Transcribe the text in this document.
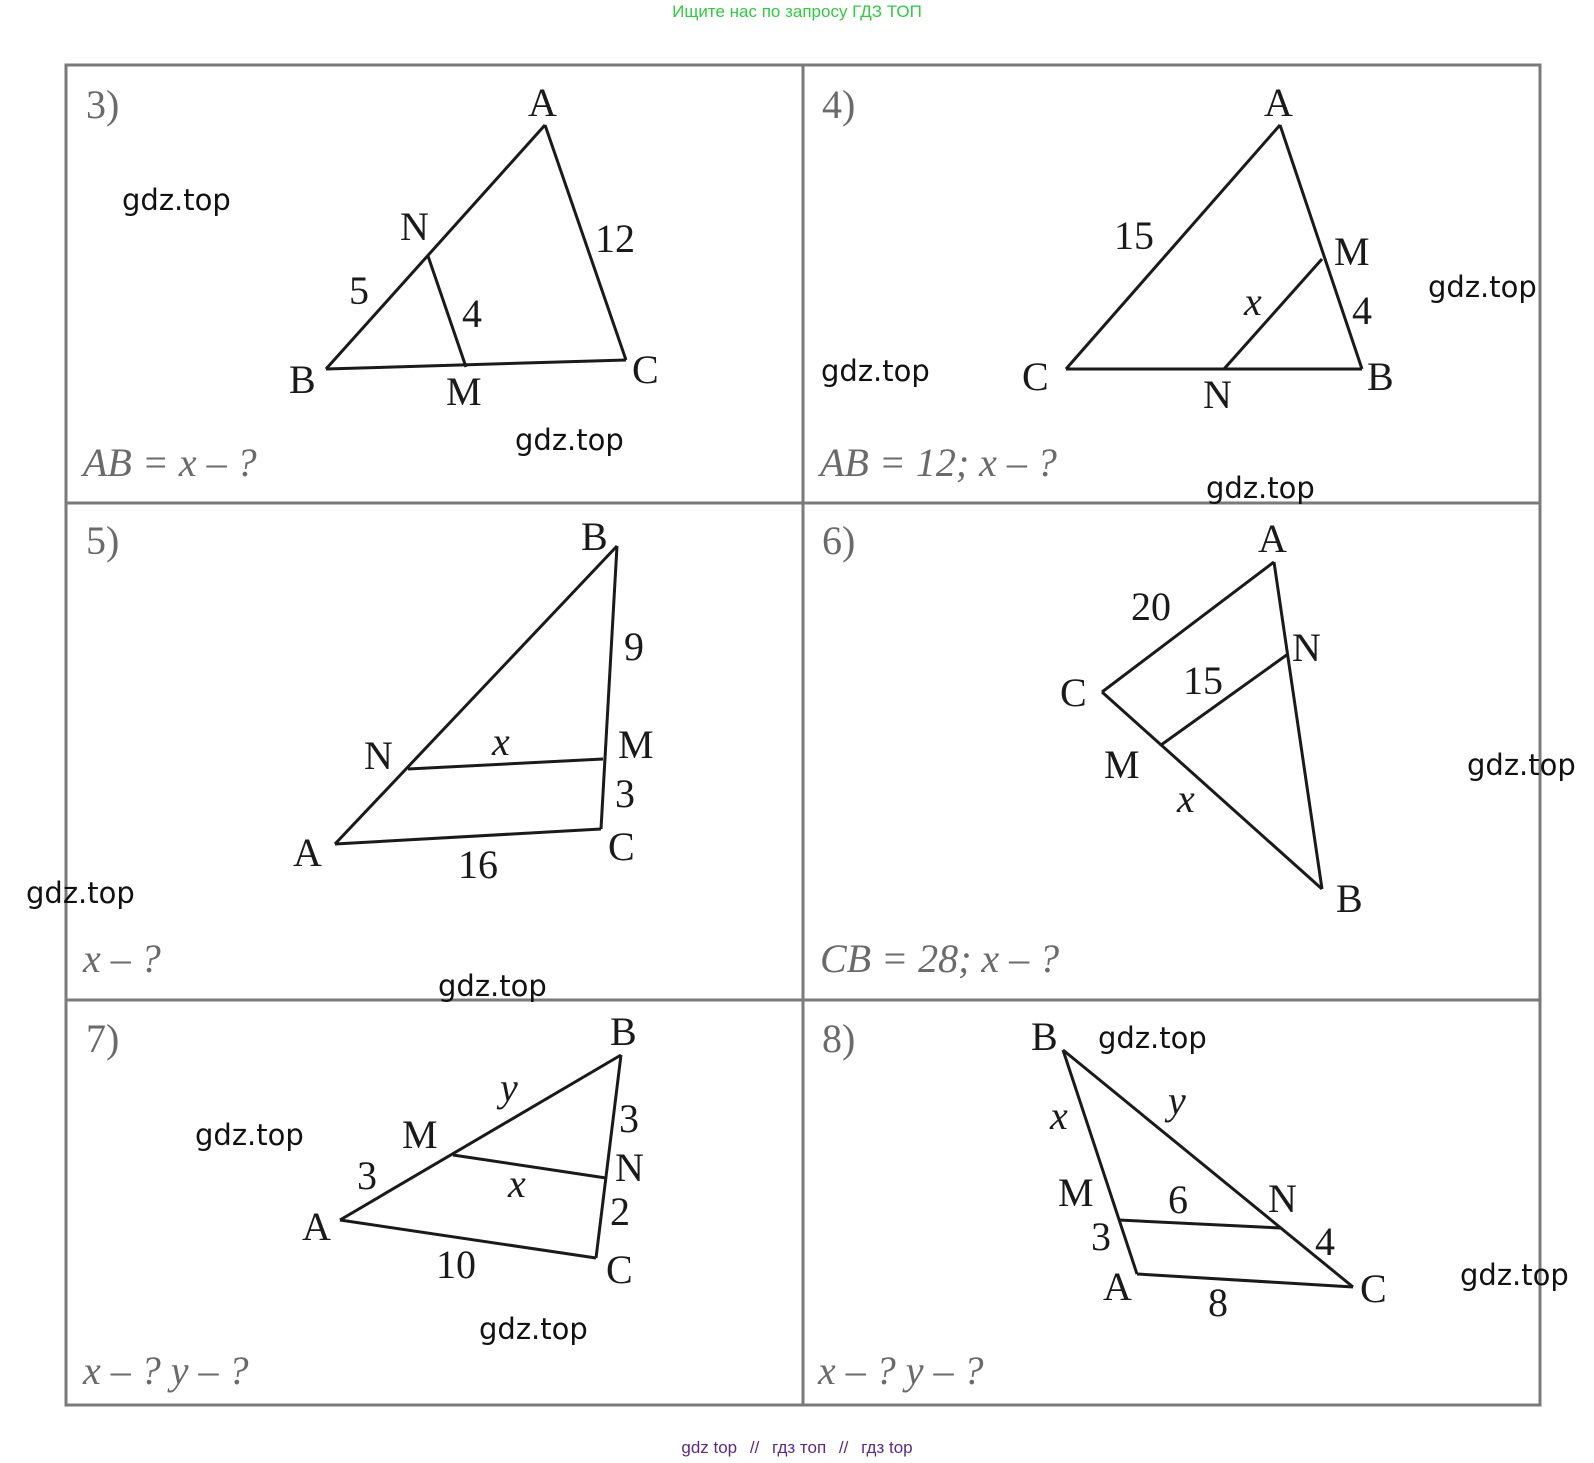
Ищите нас по запросу ГДЗ ТОП
3)	A
B	C
N
M
5
4
12
AB = x – ?
4)	A
B
C	N
M
15
4
x
AB = 12; x – ?
5)	B
A	C
N	M
9
3
16
x
x – ?
6)	A
B
C
N
M
20
15
x
CB = 28; x – ?
7)	B
A
C
N
M
3
3
2
10
x
y
x – ? y – ?
8)	B
A	C
N
M
3
6
4
8
x	y
x – ? y – ?
gdz.top
gdz.top
gdz.top
gdz.top
gdz.top
gdz.top
gdz.top
gdz.top
gdz.top
gdz.top
gdz.top
gdz.top
gdz top // гдз топ // гдз top
